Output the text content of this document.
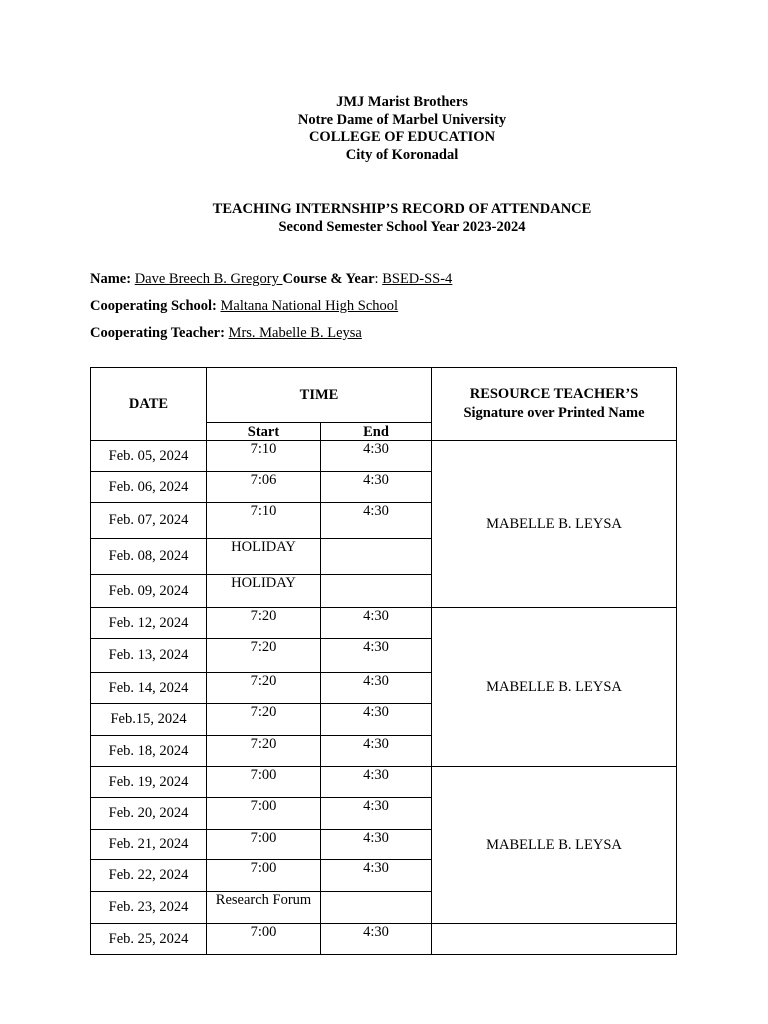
JMJ Marist Brothers
Notre Dame of Marbel University
COLLEGE OF EDUCATION
City of Koronadal
TEACHING INTERNSHIP’S RECORD OF ATTENDANCE
Second Semester School Year 2023-2024
Name: Dave Breech B. Gregory Course & Year: BSED-SS-4
Cooperating School: Maltana National High School
Cooperating Teacher: Mrs. Mabelle B. Leysa
DATE	TIME		RESOURCE TEACHER’S
Signature over Printed Name

	Start	End	
Feb. 05, 2024	7:10	4:30	MABELLE B. LEYSA
Feb. 06, 2024	7:06	4:30	
Feb. 07, 2024	7:10	4:30	
Feb. 08, 2024	HOLIDAY		
Feb. 09, 2024	HOLIDAY		
Feb. 12, 2024	7:20	4:30	MABELLE B. LEYSA
Feb. 13, 2024	7:20	4:30	
Feb. 14, 2024	7:20	4:30	
Feb.15, 2024	7:20	4:30	
Feb. 18, 2024	7:20	4:30	
Feb. 19, 2024	7:00	4:30	MABELLE B. LEYSA
Feb. 20, 2024	7:00	4:30	
Feb. 21, 2024	7:00	4:30	
Feb. 22, 2024	7:00	4:30	
Feb. 23, 2024	Research Forum		
Feb. 25, 2024	7:00	4:30	
